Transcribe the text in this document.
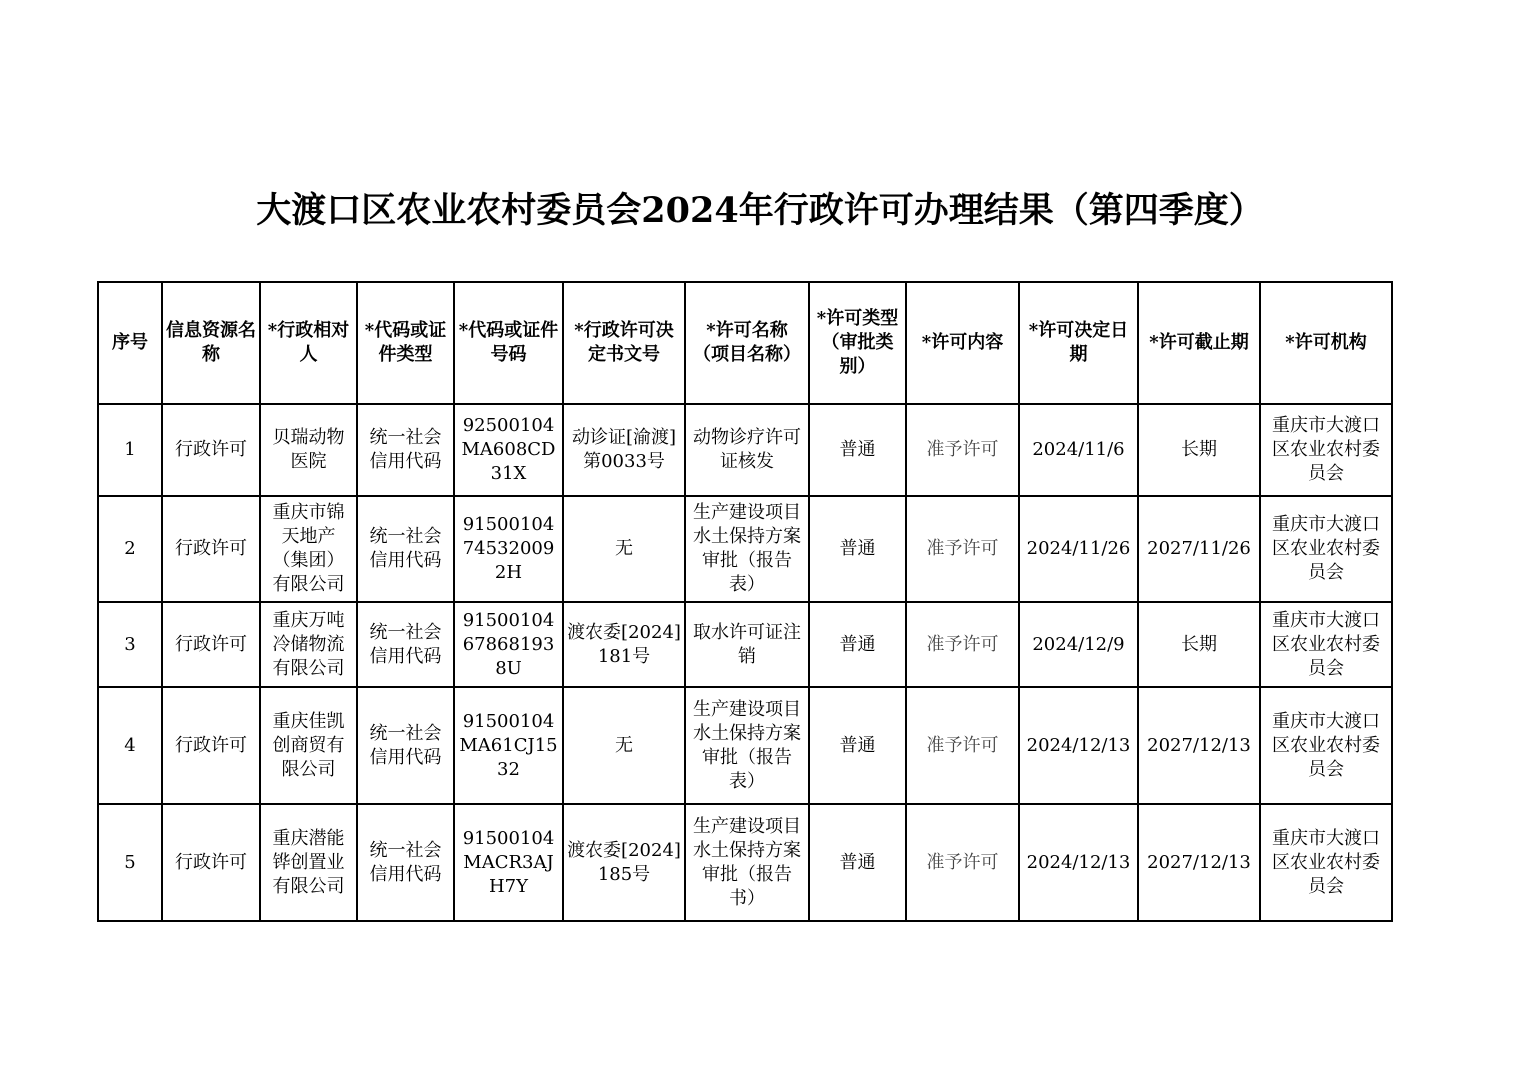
大渡口区农业农村委员会2024年行政许可办理结果（第四季度）
序号	信息资源名称	*行政相对人	*代码或证件类型	*代码或证件号码	*行政许可决定书文号	*许可名称（项目名称）	*许可类型（审批类别）	*许可内容	*许可决定日期	*许可截止期	*许可机构
1	行政许可	贝瑞动物医院	统一社会信用代码	92500104MA608CD31X	动诊证[渝渡]第0033号	动物诊疗许可证核发	普通	准予许可	2024/11/6	长期	重庆市大渡口区农业农村委员会
2	行政许可	重庆市锦天地产（集团）有限公司	统一社会信用代码	91500104745320092H	无	生产建设项目水土保持方案审批（报告表）	普通	准予许可	2024/11/26	2027/11/26	重庆市大渡口区农业农村委员会
3	行政许可	重庆万吨冷储物流有限公司	统一社会信用代码	91500104678681938U	渡农委[2024]181号	取水许可证注销	普通	准予许可	2024/12/9	长期	重庆市大渡口区农业农村委员会
4	行政许可	重庆佳凯创商贸有限公司	统一社会信用代码	91500104MA61CJ1532	无	生产建设项目水土保持方案审批（报告表）	普通	准予许可	2024/12/13	2027/12/13	重庆市大渡口区农业农村委员会
5	行政许可	重庆潜能铧创置业有限公司	统一社会信用代码	91500104MACR3AJH7Y	渡农委[2024]185号	生产建设项目水土保持方案审批（报告书）	普通	准予许可	2024/12/13	2027/12/13	重庆市大渡口区农业农村委员会
